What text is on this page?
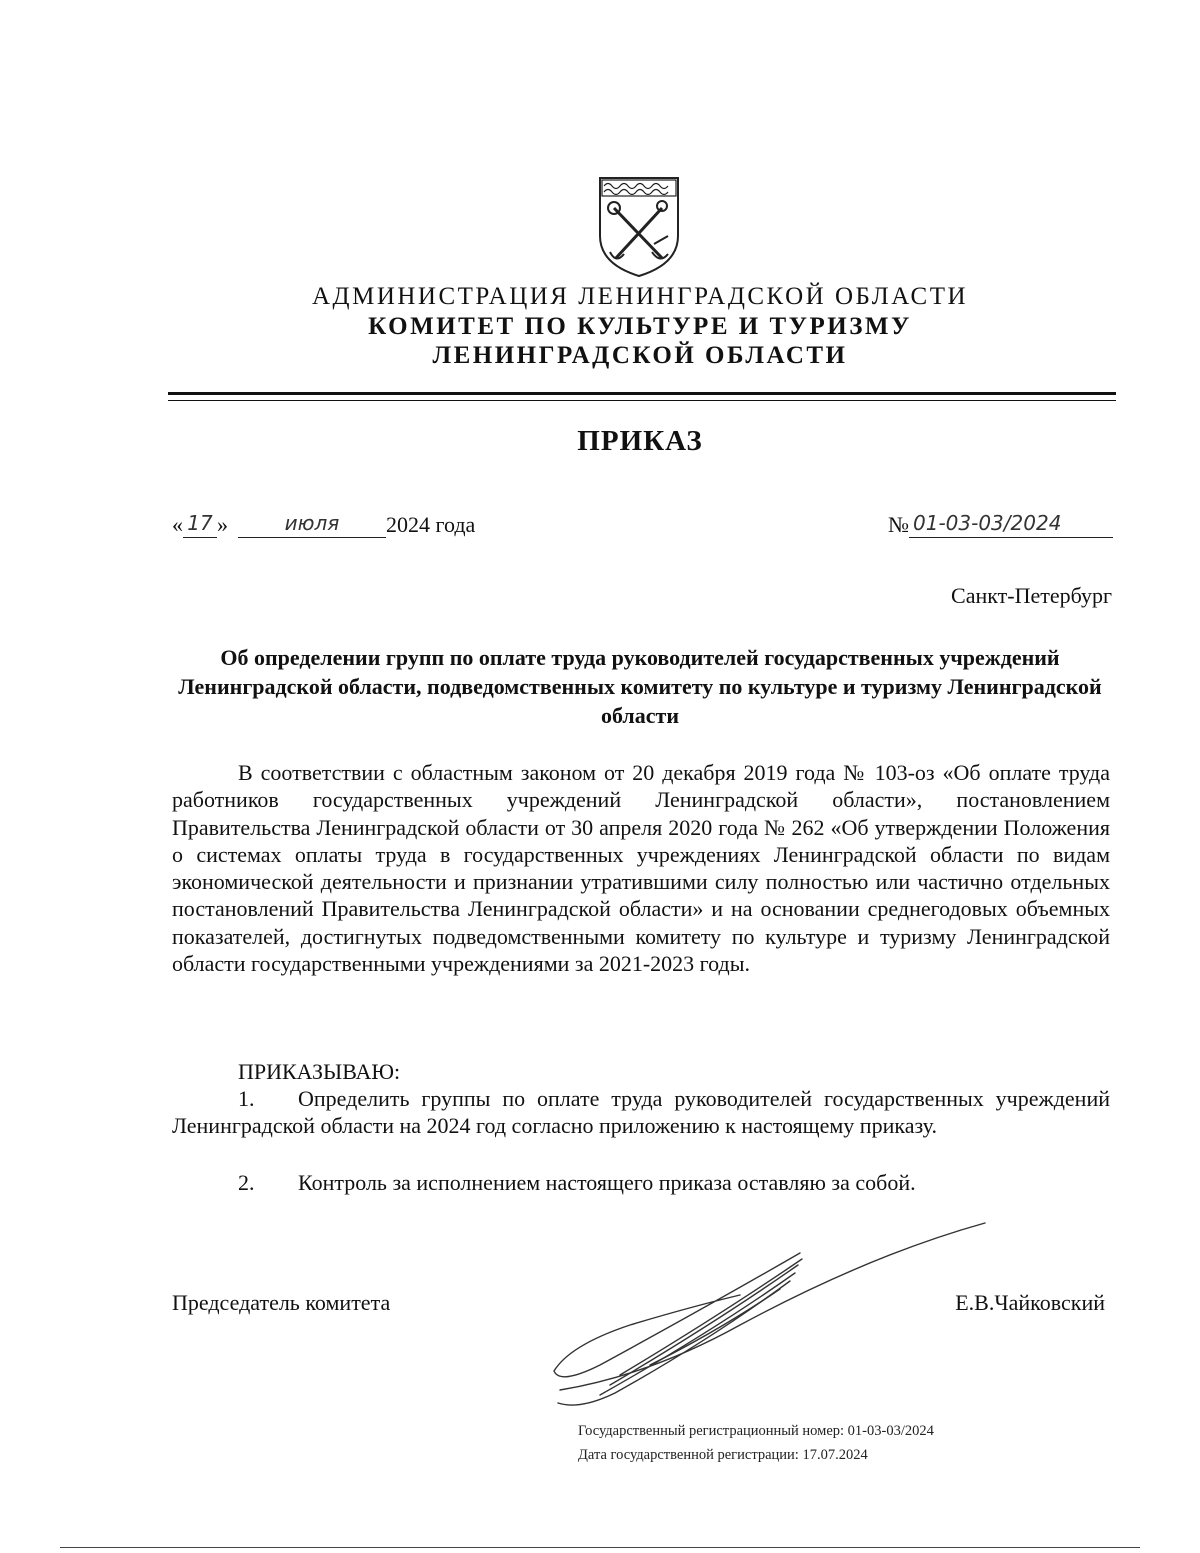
АДМИНИСТРАЦИЯ ЛЕНИНГРАДСКОЙ ОБЛАСТИ
КОМИТЕТ ПО КУЛЬТУРЕ И ТУРИЗМУ
ЛЕНИНГРАДСКОЙ ОБЛАСТИ
ПРИКАЗ
« 17 »	июля 2024 года	№ 01-03-03/2024
Санкт-Петербург
Об определении групп по оплате труда руководителей государственных учреждений Ленинградской области, подведомственных комитету по культуре и туризму Ленинградской области
В соответствии с областным законом от 20 декабря 2019 года № 103-оз «Об оплате труда работников государственных учреждений Ленинградской области», постановлением Правительства Ленинградской области от 30 апреля 2020 года № 262 «Об утверждении Положения о системах оплаты труда в государственных учреждениях Ленинградской области по видам экономической деятельности и признании утратившими силу полностью или частично отдельных постановлений Правительства Ленинградской области» и на основании среднегодовых объемных показателей, достигнутых подведомственными комитету по культуре и туризму Ленинградской области государственными учреждениями за 2021-2023 годы.
ПРИКАЗЫВАЮ:
1. Определить группы по оплате труда руководителей государственных учреждений Ленинградской области на 2024 год согласно приложению к настоящему приказу.
2. Контроль за исполнением настоящего приказа оставляю за собой.
Председатель комитета	Е.В.Чайковский
Государственный регистрационный номер: 01-03-03/2024
Дата государственной регистрации: 17.07.2024
